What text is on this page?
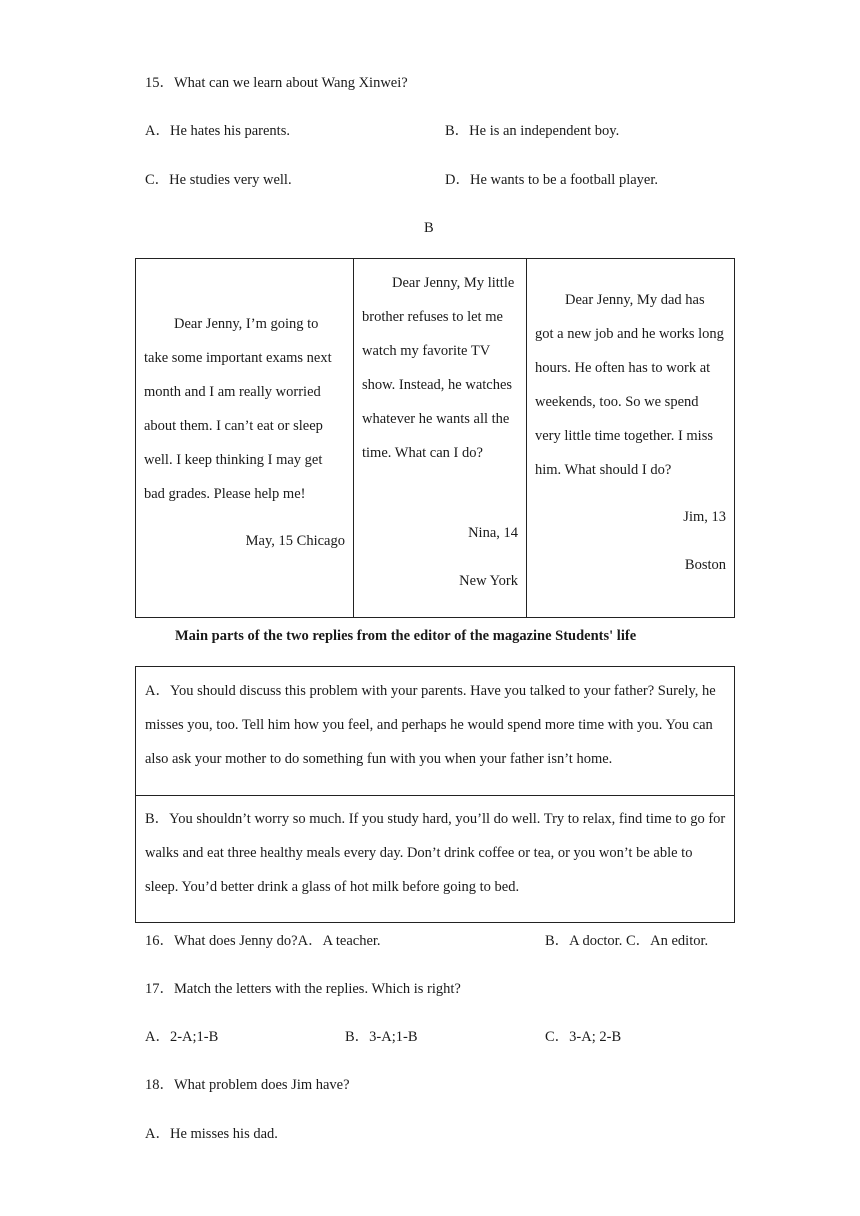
15．What can we learn about Wang Xinwei?
A．He hates his parents.	B．He is an independent boy.
C．He studies very well.	D．He wants to be a football player.
B
Dear Jenny, I’m going to take some important exams next month and I am really worried about them. I can’t eat or sleep well. I keep thinking I may get bad grades. Please help me!
May, 15 Chicago
Dear Jenny, My little brother refuses to let me watch my favorite TV show. Instead, he watches whatever he wants all the time. What can I do?
Nina, 14
New York
Dear Jenny, My dad has got a new job and he works long hours. He often has to work at weekends, too. So we spend very little time together. I miss him. What should I do?
Jim, 13
Boston
Main parts of the two replies from the editor of the magazine Students' life
A．You should discuss this problem with your parents. Have you talked to your father? Surely, he misses you, too. Tell him how you feel, and perhaps he would spend more time with you. You can also ask your mother to do something fun with you when your father isn’t home.
B．You shouldn’t worry so much. If you study hard, you’ll do well. Try to relax, find time to go for walks and eat three healthy meals every day. Don’t drink coffee or tea, or you won’t be able to sleep. You’d better drink a glass of hot milk before going to bed.
16．What does Jenny do?A．A teacher.	B．A doctor. C．An editor.
17．Match the letters with the replies. Which is right?
A．2-A;1-B	B．3-A;1-B	C．3-A; 2-B
18．What problem does Jim have?
A．He misses his dad.
